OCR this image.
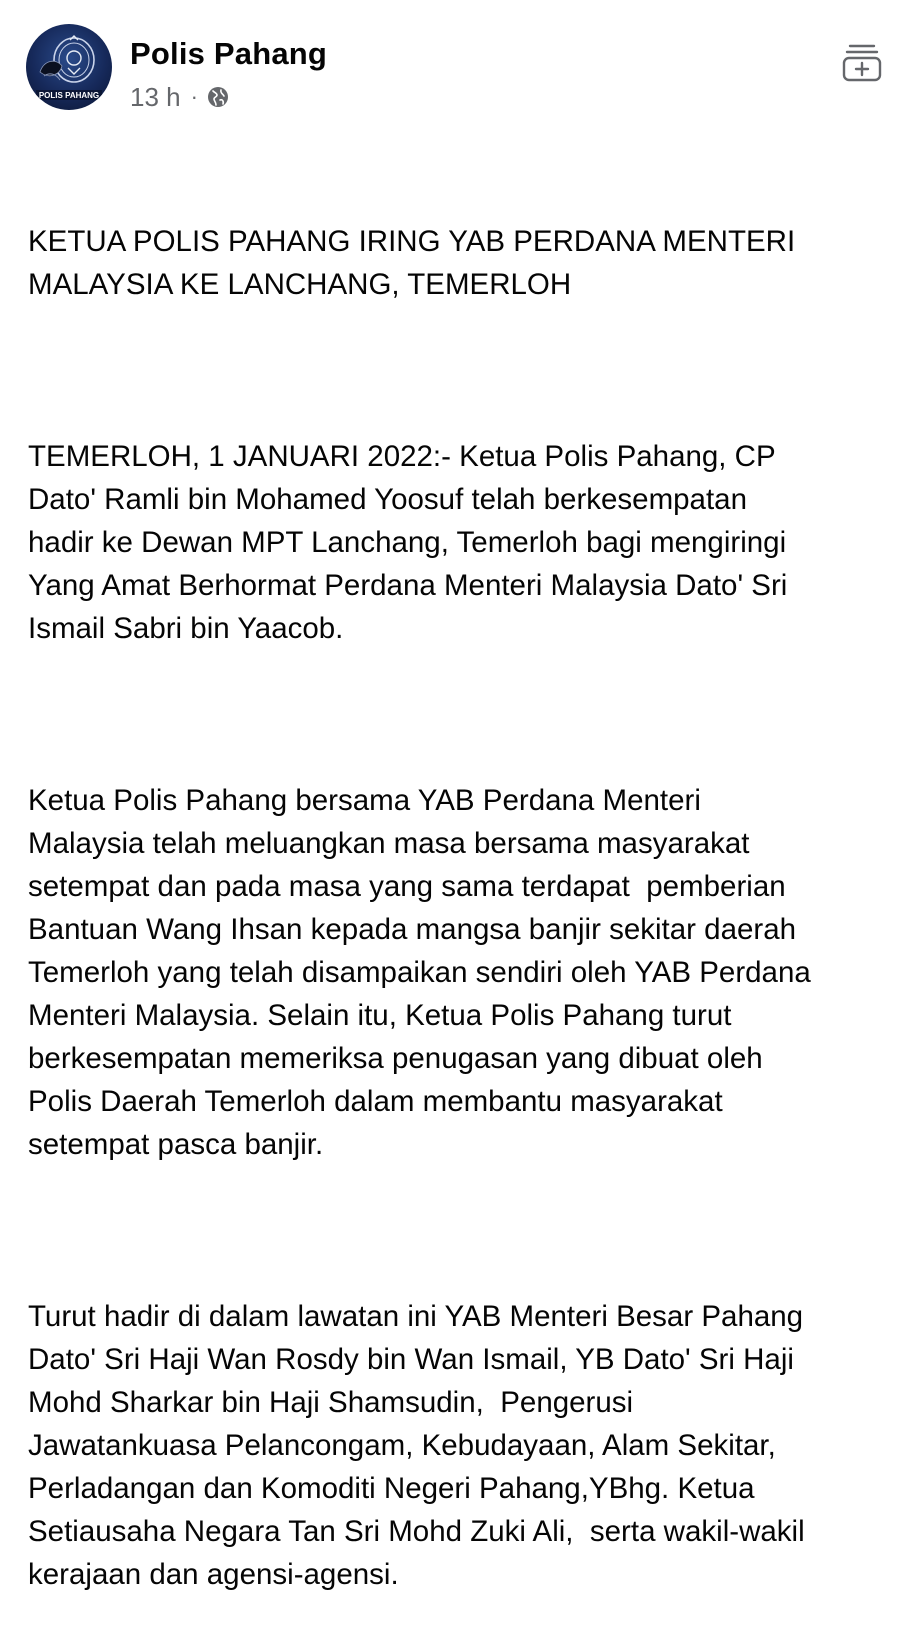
POLIS PAHANG
Polis Pahang
13 h ·

KETUA POLIS PAHANG IRING YAB PERDANA MENTERI
MALAYSIA KE LANCHANG, TEMERLOH

TEMERLOH, 1 JANUARI 2022:- Ketua Polis Pahang, CP
Dato' Ramli bin Mohamed Yoosuf telah berkesempatan
hadir ke Dewan MPT Lanchang, Temerloh bagi mengiringi
Yang Amat Berhormat Perdana Menteri Malaysia Dato' Sri
Ismail Sabri bin Yaacob.

Ketua Polis Pahang bersama YAB Perdana Menteri
Malaysia telah meluangkan masa bersama masyarakat
setempat dan pada masa yang sama terdapat  pemberian
Bantuan Wang Ihsan kepada mangsa banjir sekitar daerah
Temerloh yang telah disampaikan sendiri oleh YAB Perdana
Menteri Malaysia. Selain itu, Ketua Polis Pahang turut
berkesempatan memeriksa penugasan yang dibuat oleh
Polis Daerah Temerloh dalam membantu masyarakat
setempat pasca banjir.

Turut hadir di dalam lawatan ini YAB Menteri Besar Pahang
Dato' Sri Haji Wan Rosdy bin Wan Ismail, YB Dato' Sri Haji
Mohd Sharkar bin Haji Shamsudin,  Pengerusi
Jawatankuasa Pelancongam, Kebudayaan, Alam Sekitar,
Perladangan dan Komoditi Negeri Pahang,YBhg. Ketua
Setiausaha Negara Tan Sri Mohd Zuki Ali,  serta wakil-wakil
kerajaan dan agensi-agensi.
